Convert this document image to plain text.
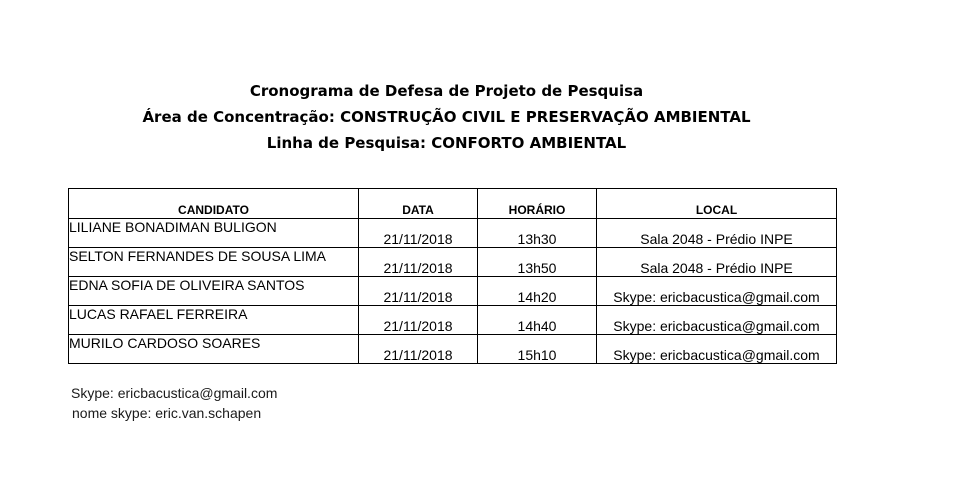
Cronograma de Defesa de Projeto de Pesquisa
Área de Concentração: CONSTRUÇÃO CIVIL E PRESERVAÇÃO AMBIENTAL
Linha de Pesquisa: CONFORTO AMBIENTAL
CANDIDATO	DATA	HORÁRIO	LOCAL
LILIANE BONADIMAN BULIGON	21/11/2018	13h30	Sala 2048 - Prédio INPE
SELTON FERNANDES DE SOUSA LIMA	21/11/2018	13h50	Sala 2048 - Prédio INPE
EDNA SOFIA DE OLIVEIRA SANTOS	21/11/2018	14h20	Skype: ericbacustica@gmail.com
LUCAS RAFAEL FERREIRA	21/11/2018	14h40	Skype: ericbacustica@gmail.com
MURILO CARDOSO SOARES	21/11/2018	15h10	Skype: ericbacustica@gmail.com
Skype: ericbacustica@gmail.com
nome skype: eric.van.schapen
